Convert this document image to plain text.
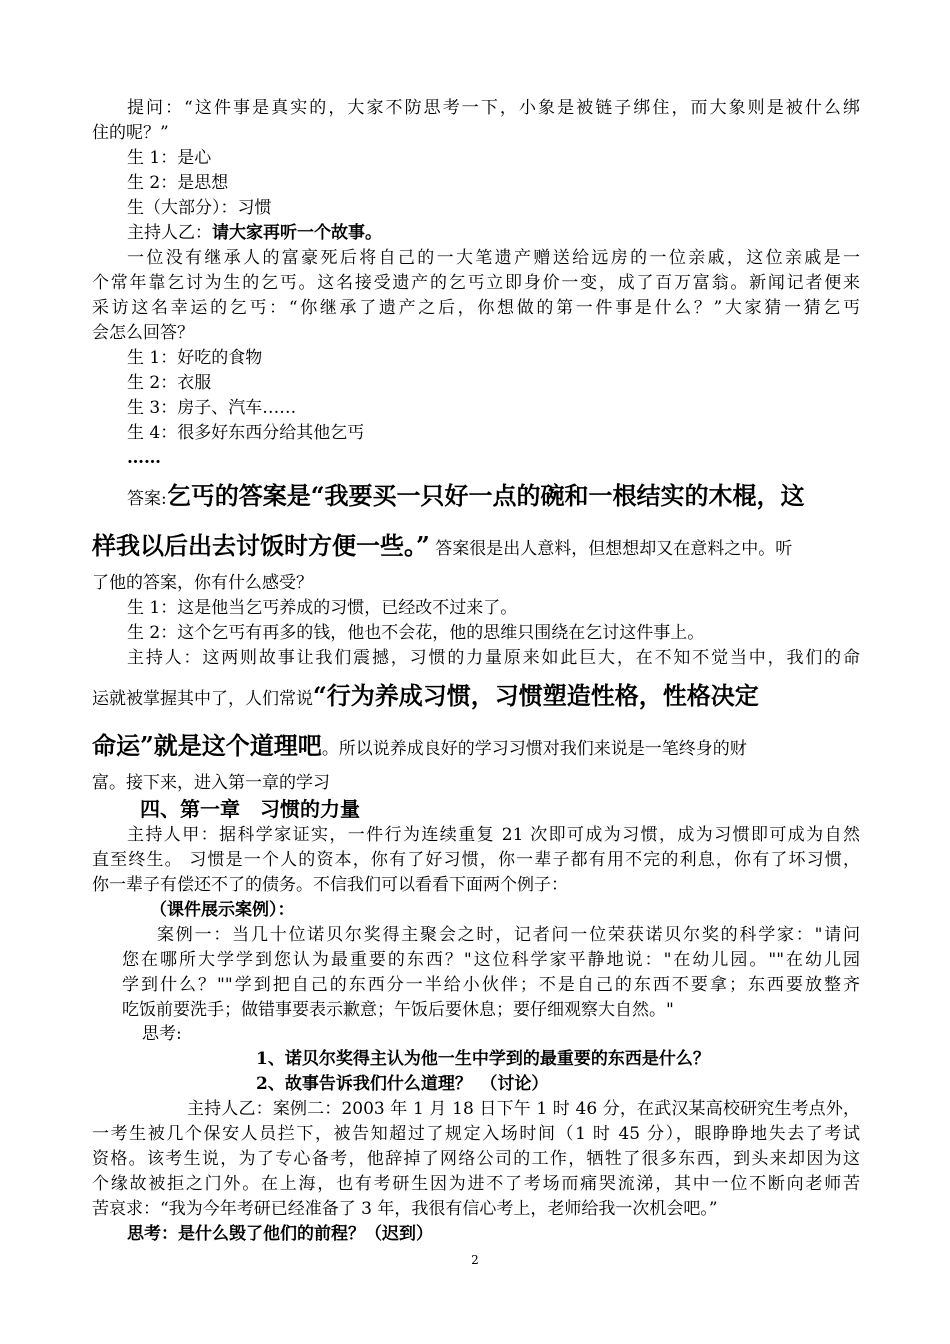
提问：“这件事是真实的，大家不防思考一下，小象是被链子绑住，而大象则是被什么绑
住的呢？”
生 1：是心
生 2：是思想
生（大部分）：习惯
主持人乙：请大家再听一个故事。
一位没有继承人的富豪死后将自己的一大笔遗产赠送给远房的一位亲戚，这位亲戚是一
个常年靠乞讨为生的乞丐。这名接受遗产的乞丐立即身价一变，成了百万富翁。新闻记者便来
采访这名幸运的乞丐：“你继承了遗产之后，你想做的第一件事是什么？”大家猜一猜乞丐
会怎么回答？
生 1：好吃的食物
生 2：衣服
生 3：房子、汽车……
生 4：很多好东西分给其他乞丐
……
答案:乞丐的答案是“我要买一只好一点的碗和一根结实的木棍，这
样我以后出去讨饭时方便一些。” 答案很是出人意料，但想想却又在意料之中。听
了他的答案，你有什么感受？
生 1：这是他当乞丐养成的习惯，已经改不过来了。
生 2：这个乞丐有再多的钱，他也不会花，他的思维只围绕在乞讨这件事上。
主持人：这两则故事让我们震撼，习惯的力量原来如此巨大，在不知不觉当中，我们的命
运就被掌握其中了，人们常说“行为养成习惯，习惯塑造性格，性格决定
命运”就是这个道理吧。所以说养成良好的学习习惯对我们来说是一笔终身的财
富。接下来，进入第一章的学习
四、第一章　习惯的力量
主持人甲：据科学家证实，一件行为连续重复 21 次即可成为习惯，成为习惯即可成为自然
直至终生。 习惯是一个人的资本，你有了好习惯，你一辈子都有用不完的利息，你有了坏习惯，
你一辈子有偿还不了的债务。不信我们可以看看下面两个例子：
（课件展示案例）：
案例一：当几十位诺贝尔奖得主聚会之时，记者问一位荣获诺贝尔奖的科学家："请问
您在哪所大学学到您认为最重要的东西？"这位科学家平静地说："在幼儿园。""在幼儿园
学到什么？""学到把自己的东西分一半给小伙伴；不是自己的东西不要拿；东西要放整齐
吃饭前要洗手；做错事要表示歉意；午饭后要休息；要仔细观察大自然。"
思考:
1、诺贝尔奖得主认为他一生中学到的最重要的东西是什么？
2、故事告诉我们什么道理？　（讨论）
主持人乙：案例二：2003 年 1 月 18 日下午 1 时 46 分，在武汉某高校研究生考点外，
一考生被几个保安人员拦下，被告知超过了规定入场时间（1 时 45 分），眼睁睁地失去了考试
资格。该考生说，为了专心备考，他辞掉了网络公司的工作，牺牲了很多东西，到头来却因为这
个缘故被拒之门外。在上海，也有考研生因为进不了考场而痛哭流涕，其中一位不断向老师苦
苦哀求：“我为今年考研已经准备了 3 年，我很有信心考上，老师给我一次机会吧。”
思考：是什么毁了他们的前程？（迟到）
2
